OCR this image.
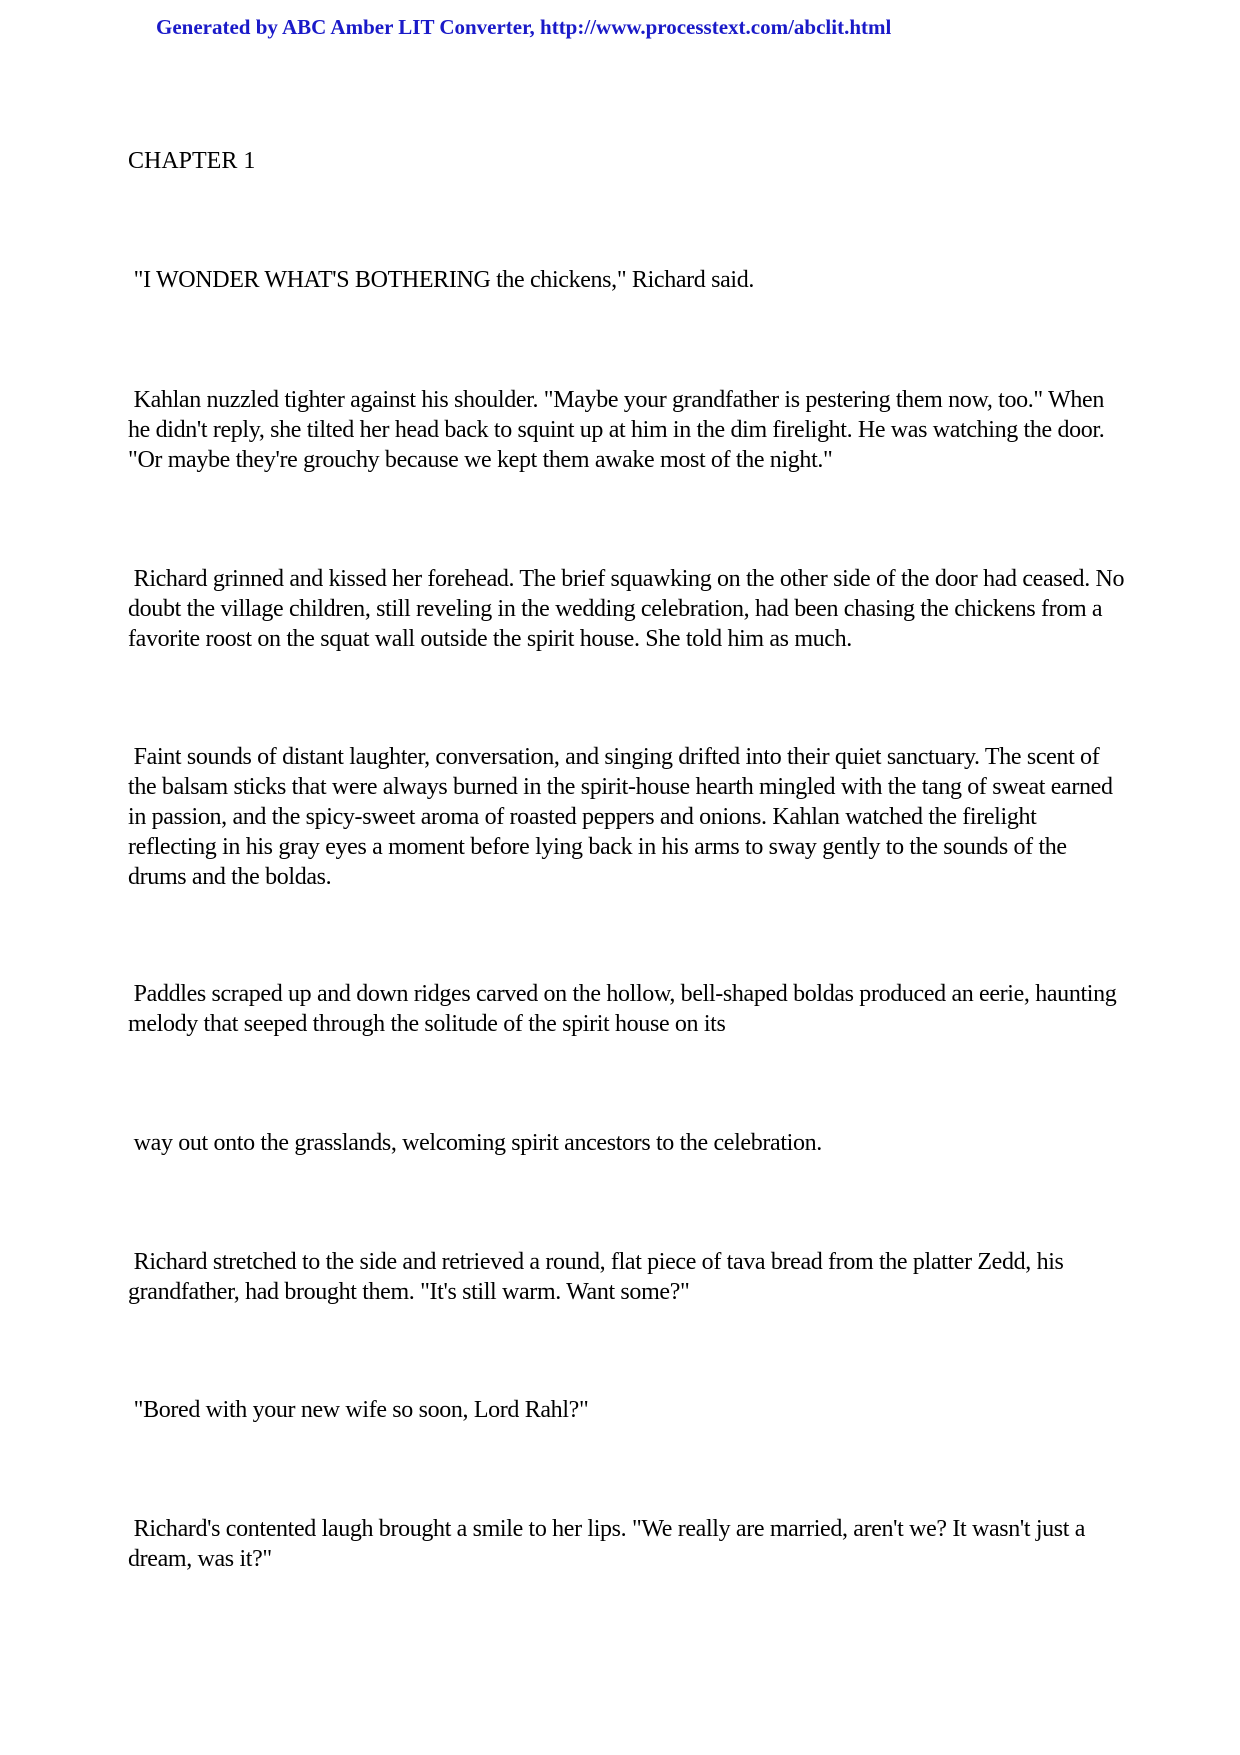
Generated by ABC Amber LIT Converter, http://www.processtext.com/abclit.html
CHAPTER 1

"I WONDER WHAT'S BOTHERING the chickens," Richard said.

Kahlan nuzzled tighter against his shoulder. "Maybe your grandfather is pestering them now, too." When he didn't reply, she tilted her head back to squint up at him in the dim firelight. He was watching the door. "Or maybe they're grouchy because we kept them awake most of the night."

Richard grinned and kissed her forehead. The brief squawking on the other side of the door had ceased. No doubt the village children, still reveling in the wedding celebration, had been chasing the chickens from a favorite roost on the squat wall outside the spirit house. She told him as much.

Faint sounds of distant laughter, conversation, and singing drifted into their quiet sanctuary. The scent of the balsam sticks that were always burned in the spirit-house hearth mingled with the tang of sweat earned in passion, and the spicy-sweet aroma of roasted peppers and onions. Kahlan watched the firelight reflecting in his gray eyes a moment before lying back in his arms to sway gently to the sounds of the drums and the boldas.

Paddles scraped up and down ridges carved on the hollow, bell-shaped boldas produced an eerie, haunting melody that seeped through the solitude of the spirit house on its

way out onto the grasslands, welcoming spirit ancestors to the celebration.

Richard stretched to the side and retrieved a round, flat piece of tava bread from the platter Zedd, his grandfather, had brought them. "It's still warm. Want some?"

"Bored with your new wife so soon, Lord Rahl?"

Richard's contented laugh brought a smile to her lips. "We really are married, aren't we? It wasn't just a dream, was it?"
